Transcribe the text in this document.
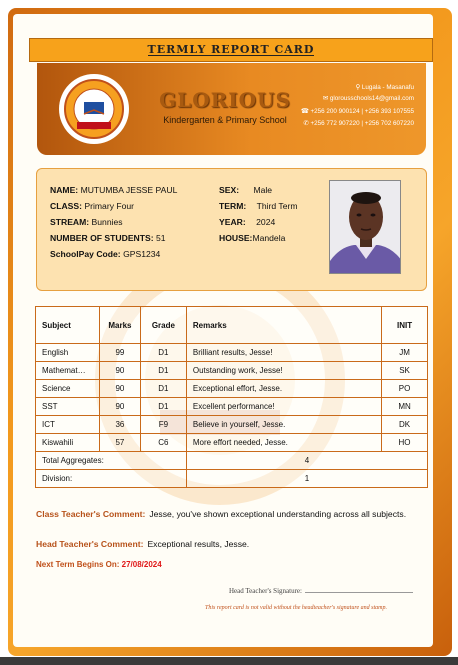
TERMLY REPORT CARD
GLORIOUS
Kindergarten & Primary School
⚲ Lugala - Masanafu
✉ glorousschools14@gmail.com
☎ +256 200 900124 | +256 393 107555
✆ +256 772 907220 | +256 702 607220
NAME: MUTUMBA JESSE PAUL
CLASS: Primary Four
STREAM: Bunnies
NUMBER OF STUDENTS: 51
SchoolPay Code: GPS1234
SEX: Male
TERM: Third Term
YEAR: 2024
HOUSE:Mandela
Subject	Marks	Grade	Remarks	INIT
English	99	D1	Brilliant results, Jesse!	JM
Mathemat…	90	D1	Outstanding work, Jesse!	SK
Science	90	D1	Exceptional effort, Jesse.	PO
SST	90	D1	Excellent performance!	MN
ICT	36	F9	Believe in yourself, Jesse.	DK
Kiswahili	57	C6	More effort needed, Jesse.	HO
Total Aggregates:			4	
Division:			1	
Class Teacher's Comment: Jesse, you've shown exceptional understanding across all subjects.
Head Teacher's Comment: Exceptional results, Jesse.
Next Term Begins On: 27/08/2024
Head Teacher's Signature:
This report card is not valid without the headteacher's signature and stamp.
